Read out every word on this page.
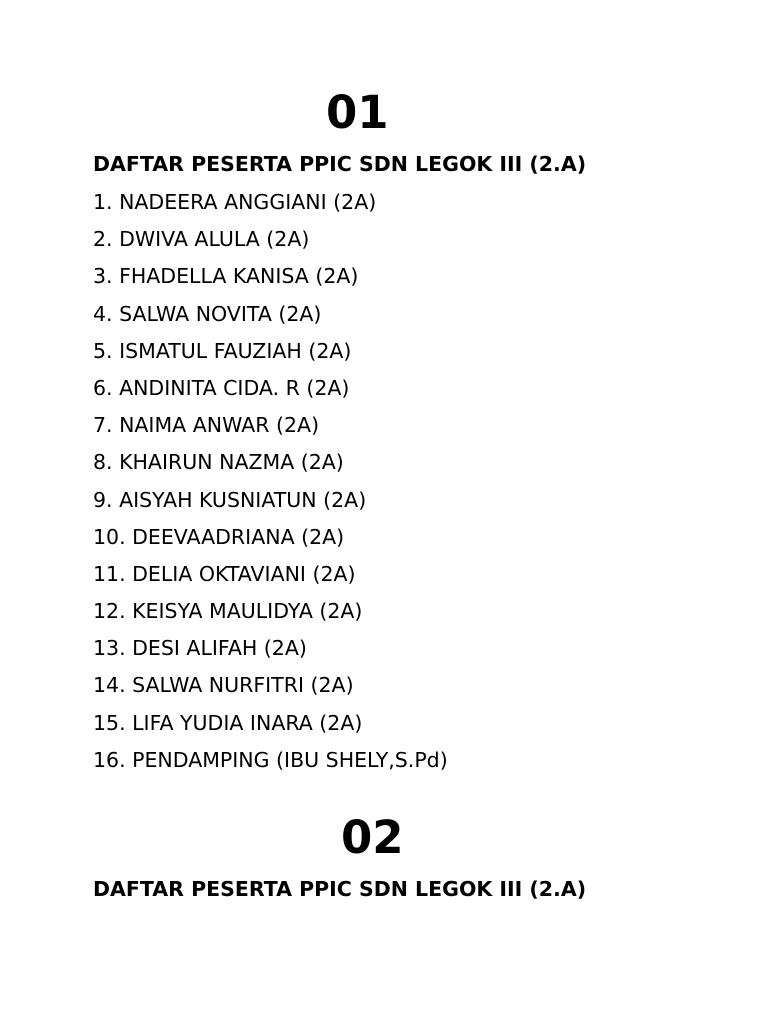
01
DAFTAR PESERTA PPIC SDN LEGOK III (2.A)
1. NADEERA ANGGIANI (2A)
2. DWIVA ALULA (2A)
3. FHADELLA KANISA (2A)
4. SALWA NOVITA (2A)
5. ISMATUL FAUZIAH (2A)
6. ANDINITA CIDA. R (2A)
7. NAIMA ANWAR (2A)
8. KHAIRUN NAZMA (2A)
9. AISYAH KUSNIATUN (2A)
10. DEEVAADRIANA (2A)
11. DELIA OKTAVIANI (2A)
12. KEISYA MAULIDYA (2A)
13. DESI ALIFAH (2A)
14. SALWA NURFITRI (2A)
15. LIFA YUDIA INARA (2A)
16. PENDAMPING (IBU SHELY,S.Pd)
02
DAFTAR PESERTA PPIC SDN LEGOK III (2.A)
